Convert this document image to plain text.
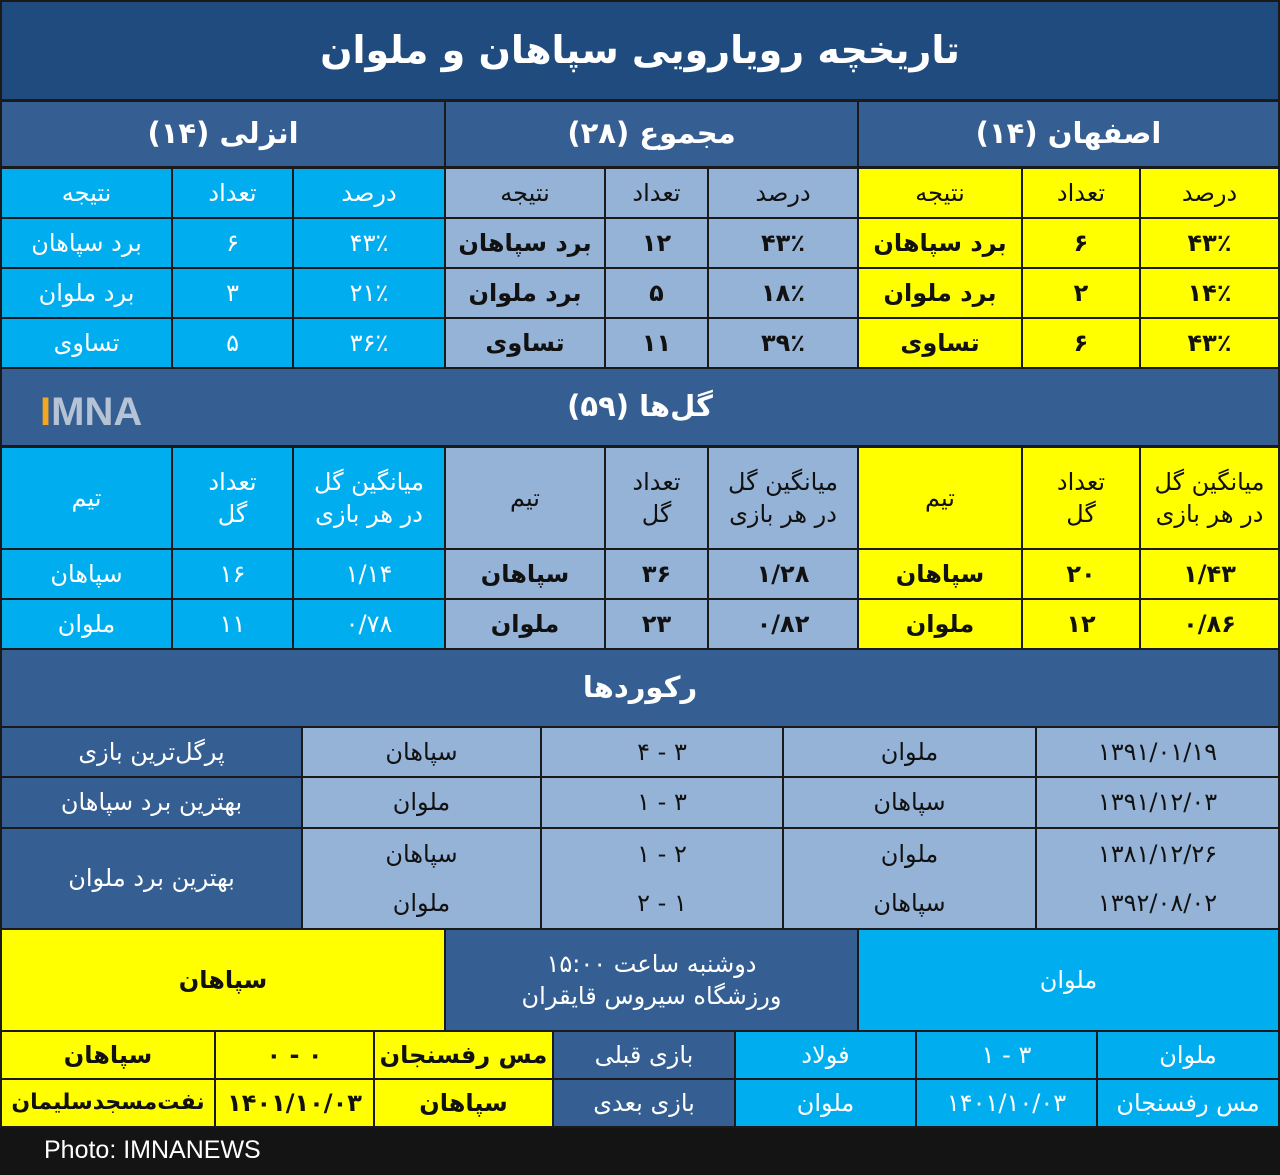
تاریخچه رویارویی سپاهان و ملوان
اصفهان (۱۴)
مجموع (۲۸)
انزلی (۱۴)
درصد
تعداد
نتیجه
۴۳٪
۶
برد سپاهان
۱۴٪
۲
برد ملوان
۴۳٪
۶
تساوی
درصد
تعداد
نتیجه
۴۳٪
۱۲
برد سپاهان
۱۸٪
۵
برد ملوان
۳۹٪
۱۱
تساوی
درصد
تعداد
نتیجه
۴۳٪
۶
برد سپاهان
۲۱٪
۳
برد ملوان
۳۶٪
۵
تساوی
گل‌ها (۵۹)
IMNA
میانگین گل
در هر بازی
تعداد
گل
تیم
۱/۴۳
۲۰
سپاهان
۰/۸۶
۱۲
ملوان
میانگین گل
در هر بازی
تعداد
گل
تیم
۱/۲۸
۳۶
سپاهان
۰/۸۲
۲۳
ملوان
میانگین گل
در هر بازی
تعداد
گل
تیم
۱/۱۴
۱۶
سپاهان
۰/۷۸
۱۱
ملوان
رکوردها
۱۳۹۱/۰۱/۱۹
ملوان
۳ - ۴
سپاهان
پرگل‌ترین بازی
۱۳۹۱/۱۲/۰۳
سپاهان
۳ - ۱
ملوان
بهترین برد سپاهان
۱۳۸۱/۱۲/۲۶
۱۳۹۲/۰۸/۰۲
ملوان
سپاهان
۲ - ۱
۱ - ۲
سپاهان
ملوان
بهترین برد ملوان
ملوان
دوشنبه ساعت ۱۵:۰۰
ورزشگاه سیروس قایقران
سپاهان
ملوان
۳ - ۱
فولاد
بازی قبلی
مس رفسنجان
۰ - ۰
سپاهان
مس رفسنجان
۱۴۰۱/۱۰/۰۳
ملوان
بازی بعدی
سپاهان
۱۴۰۱/۱۰/۰۳
نفت‌مسجدسلیمان
Photo: IMNANEWS
